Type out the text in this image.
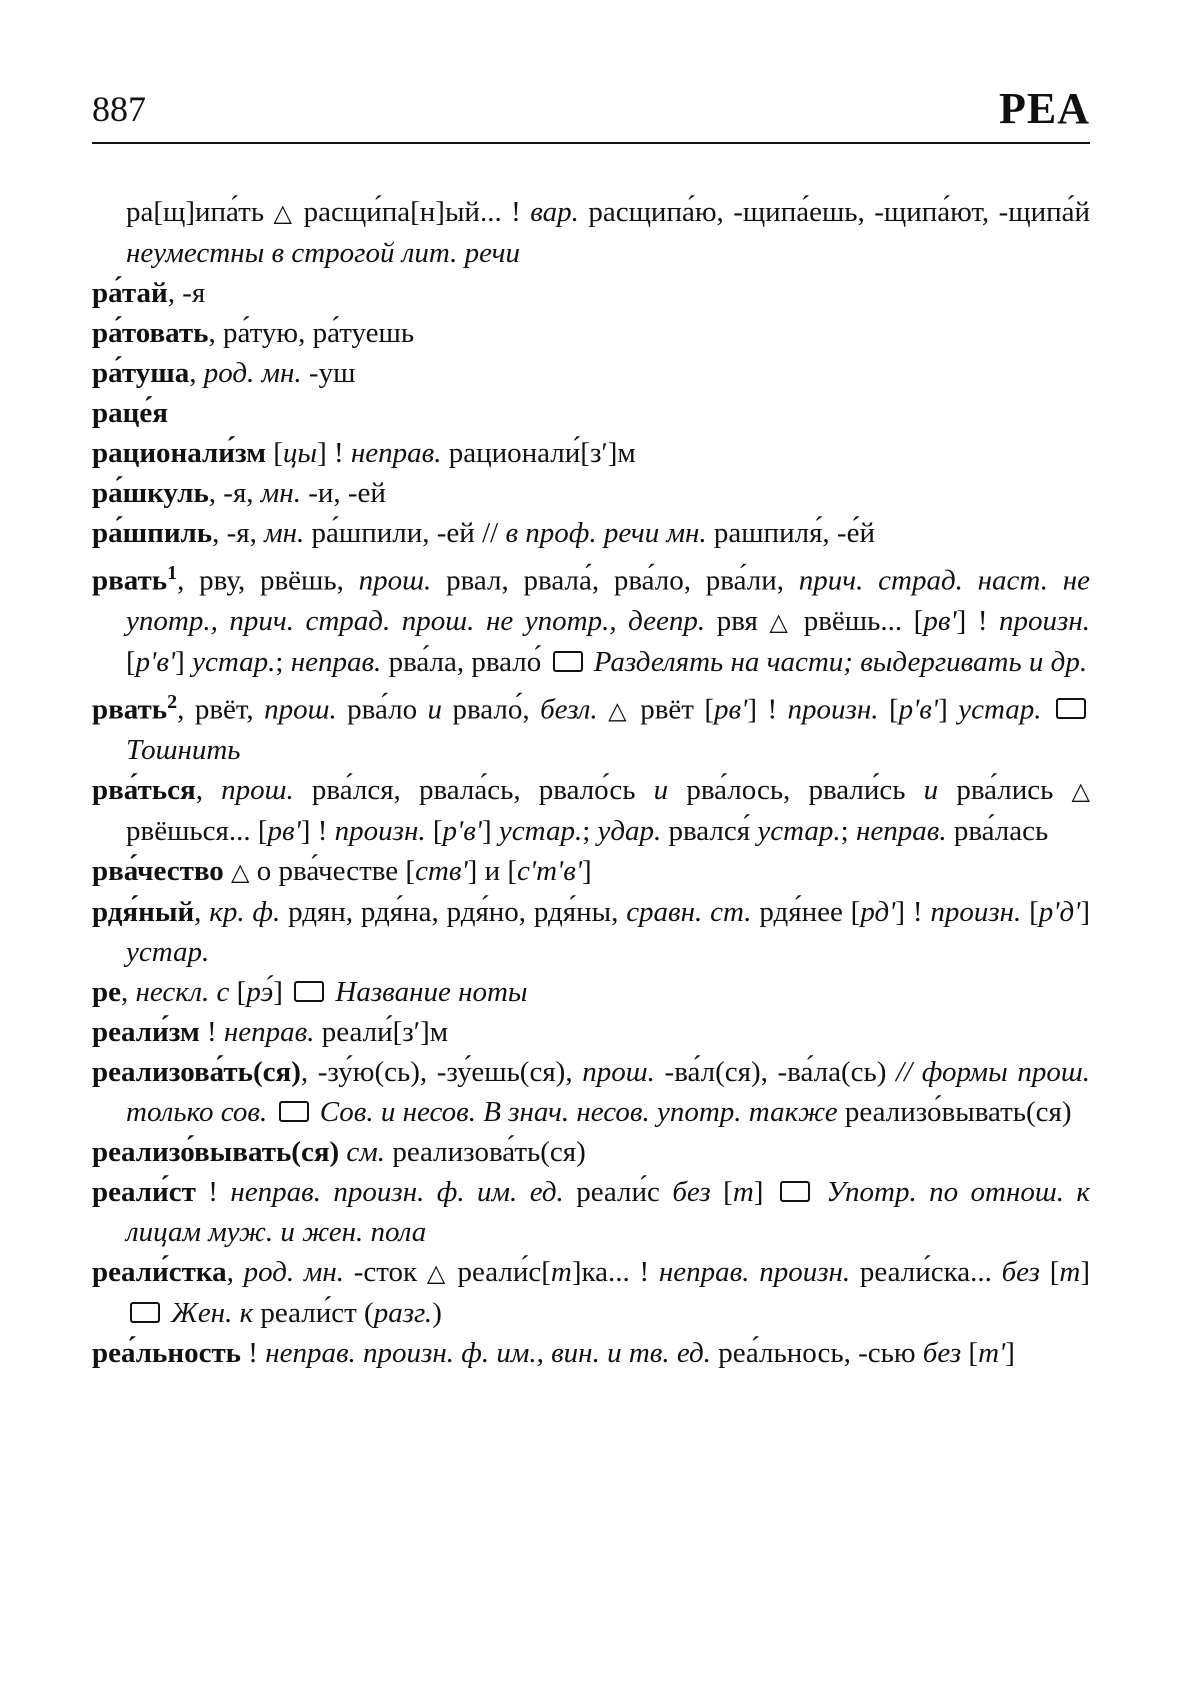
887	РЕА

ра[щ]ипа́ть △ расщи́па[н]ый... ! вар. расщипа́ю, -щипа́ешь, -щипа́ют, -щипа́й неуместны в строгой лит. речи

ра́тай, -я

ра́товать, ра́тую, ра́туешь

ра́туша, род. мн. -уш

раце́я

рационали́зм [цы] ! неправ. рационали́[зʹ]м

ра́шкуль, -я, мн. -и, -ей

ра́шпиль, -я, мн. ра́шпили, -ей // в проф. речи мн. рашпиля́, -е́й

рвать$^1$, рву, рвёшь, прош. рвал, рвала́, рва́ло, рва́ли, прич. страд. наст. не употр., прич. страд. прош. не употр., деепр. рвя △ рвёшь... [рвʹ] ! произн. [рʹвʹ] устар.; неправ. рва́ла, рвало́  Разделять на части; выдергивать и др.

рвать$^2$, рвёт, прош. рва́ло и рвало́, безл. △ рвёт [рвʹ] ! произн. [рʹвʹ] устар.  Тошнить

рва́ться, прош. рва́лся, рвала́сь, рвало́сь и рва́лось, рвали́сь и рва́лись △ рвёшься... [рвʹ] ! произн. [рʹвʹ] устар.; удар. рвался́ устар.; неправ. рва́лась

рва́чество △ о рва́честве [ствʹ] и [сʹтʹвʹ]

рдя́ный, кр. ф. рдян, рдя́на, рдя́но, рдя́ны, сравн. ст. рдя́нее [рдʹ] ! произн. [рʹдʹ] устар.

ре, нескл. с [рэ́]  Название ноты

реали́зм ! неправ. реали́[зʹ]м

реализова́ть(ся), -зу́ю(сь), -зу́ешь(ся), прош. -ва́л(ся), -ва́ла(сь) // формы прош. только сов.  Сов. и несов. В знач. несов. употр. также реализо́вывать(ся)

реализо́вывать(ся) см. реализова́ть(ся)

реали́ст ! неправ. произн. ф. им. ед. реали́с без [т]  Употр. по отнош. к лицам муж. и жен. пола

реали́стка, род. мн. -сток △ реали́с[т]ка... ! неправ. произн. реали́ска... без [т]  Жен. к реали́ст (разг.)

реа́льность ! неправ. произн. ф. им., вин. и тв. ед. реа́льнось, -сью без [тʹ]
